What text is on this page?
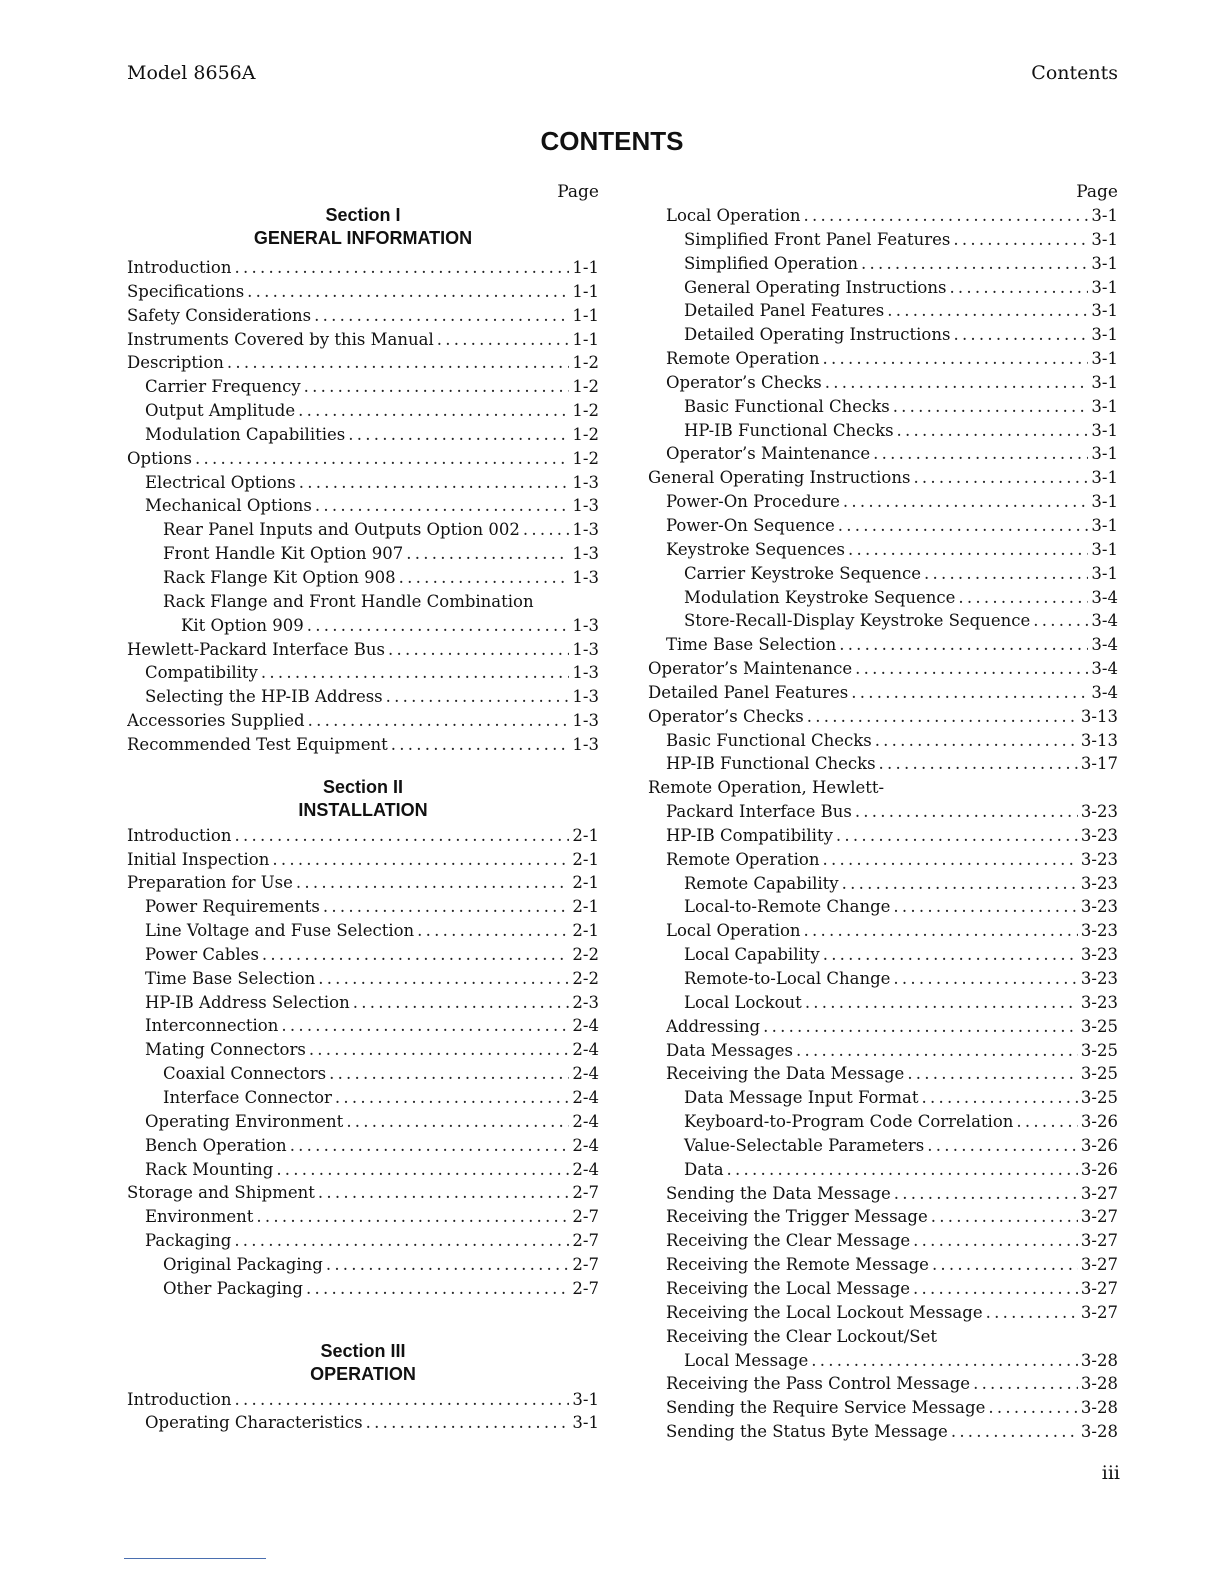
Model 8656A	Contents
CONTENTS
Page
Section I
GENERAL INFORMATION
Introduction . . .	1-1
Specifications . . .	1-1
Safety Considerations . . .	1-1
Instruments Covered by this Manual . . .	1-1
Description . . .	1-2
Carrier Frequency . . .	1-2
Output Amplitude . . .	1-2
Modulation Capabilities . . .	1-2
Options . . .	1-2
Electrical Options . . .	1-3
Mechanical Options . . .	1-3
Rear Panel Inputs and Outputs Option 002 . . .	1-3
Front Handle Kit Option 907 . . .	1-3
Rack Flange Kit Option 908 . . .	1-3
Rack Flange and Front Handle Combination
Kit Option 909 . . .	1-3
Hewlett-Packard Interface Bus . . .	1-3
Compatibility . . .	1-3
Selecting the HP-IB Address . . .	1-3
Accessories Supplied . . .	1-3
Recommended Test Equipment . . .	1-3
Section II
INSTALLATION
Introduction . . .	2-1
Initial Inspection . . .	2-1
Preparation for Use . . .	2-1
Power Requirements . . .	2-1
Line Voltage and Fuse Selection . . .	2-1
Power Cables . . .	2-2
Time Base Selection . . .	2-2
HP-IB Address Selection . . .	2-3
Interconnection . . .	2-4
Mating Connectors . . .	2-4
Coaxial Connectors . . .	2-4
Interface Connector . . .	2-4
Operating Environment . . .	2-4
Bench Operation . . .	2-4
Rack Mounting . . .	2-4
Storage and Shipment . . .	2-7
Environment . . .	2-7
Packaging . . .	2-7
Original Packaging . . .	2-7
Other Packaging . . .	2-7
Section III
OPERATION
Introduction . . .	3-1
Operating Characteristics . . .	3-1
Page
Local Operation . . .	3-1
Simplified Front Panel Features . . .	3-1
Simplified Operation . . .	3-1
General Operating Instructions . . .	3-1
Detailed Panel Features . . .	3-1
Detailed Operating Instructions . . .	3-1
Remote Operation . . .	3-1
Operator’s Checks . . .	3-1
Basic Functional Checks . . .	3-1
HP-IB Functional Checks . . .	3-1
Operator’s Maintenance . . .	3-1
General Operating Instructions . . .	3-1
Power-On Procedure . . .	3-1
Power-On Sequence . . .	3-1
Keystroke Sequences . . .	3-1
Carrier Keystroke Sequence . . .	3-1
Modulation Keystroke Sequence . . .	3-4
Store-Recall-Display Keystroke Sequence . . .	3-4
Time Base Selection . . .	3-4
Operator’s Maintenance . . .	3-4
Detailed Panel Features . . .	3-4
Operator’s Checks . . .	3-13
Basic Functional Checks . . .	3-13
HP-IB Functional Checks . . .	3-17
Remote Operation, Hewlett-
Packard Interface Bus . . .	3-23
HP-IB Compatibility . . .	3-23
Remote Operation . . .	3-23
Remote Capability . . .	3-23
Local-to-Remote Change . . .	3-23
Local Operation . . .	3-23
Local Capability . . .	3-23
Remote-to-Local Change . . .	3-23
Local Lockout . . .	3-23
Addressing . . .	3-25
Data Messages . . .	3-25
Receiving the Data Message . . .	3-25
Data Message Input Format . . .	3-25
Keyboard-to-Program Code Correlation . . .	3-26
Value-Selectable Parameters . . .	3-26
Data . . .	3-26
Sending the Data Message . . .	3-27
Receiving the Trigger Message . . .	3-27
Receiving the Clear Message . . .	3-27
Receiving the Remote Message . . .	3-27
Receiving the Local Message . . .	3-27
Receiving the Local Lockout Message . . .	3-27
Receiving the Clear Lockout/Set
Local Message . . .	3-28
Receiving the Pass Control Message . . .	3-28
Sending the Require Service Message . . .	3-28
Sending the Status Byte Message . . .	3-28
iii
